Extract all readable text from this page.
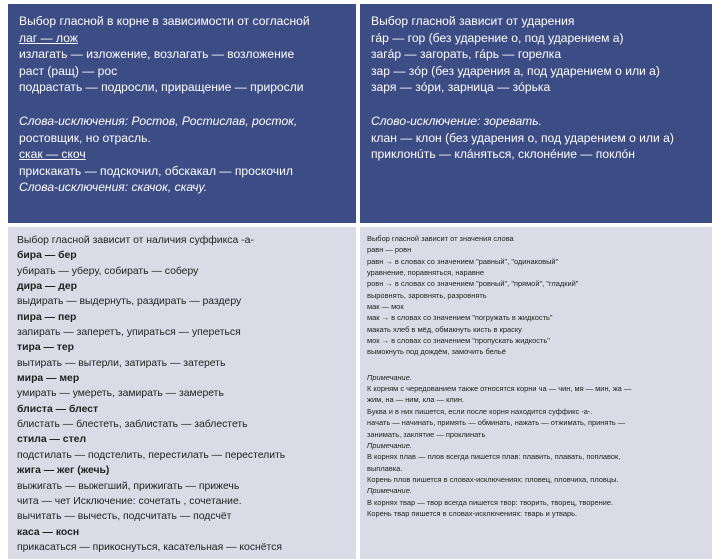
Выбор гласной в корне в зависимости от согласной

лаг — лож

излагать — изложение, возлагать — возложение

раст (ращ) — рос

подрастать — подросли, приращение — приросли

Слова-исключения: Ростов, Ростислав, росток,

ростовщик, но отрасль.

скак — скоч

прискакать — подскочил, обскакал — проскочил

Слова-исключения: скачок, скачу.

Выбор гласной зависит от ударения

гáр — гор (без ударение о, под ударением а)

загáр — загорать, гáрь — горелка

зар — зóр (без ударения а, под ударением о или а)

заря — зóри, зарница — зóрька

Слово-исключение: зоревать.

клан — клон (без ударения о, под ударением о или а)

приклонúть — клáняться, склонéние — поклóн

Выбор гласной зависит от наличия суффикса -а-

бира — бер

убирать — уберу, собирать — соберу

дира — дер

выдирать — выдернуть, раздирать — раздеру

пира — пер

запирать — заперетъ, упираться — упереться

тира — тер

вытирать — вытерли, затирать — затереть

мира — мер

умирать — умереть, замирать — замереть

блиста — блест

блистать — блестеть, заблистать — заблестеть

стила — стел

подстилать — подстелить, перестилать — перестелить

жига — жег (жечь)

выжигать — выжегший, прижигать — прижечь

чита — чет Исключение: сочетать , сочетание.

вычитать — вычесть, подсчитать — подсчёт

каса — косн

прикасаться — прикоснуться, касательная — коснётся

Выбор гласной зависит от значения слова

равн — ровн

равн → в словах со значением "равный", "одинаковый"

уравнение, поравняться, наравне

ровн → в словах со значением "ровный", "прямой", "гладкий"

выровнять, заровнять, разровнять

мак — мок

мак → в словах со значением "погружать в жидкость"

макать хлеб в мёд, обмакнуть кисть в краску

мок → в словах со значением "пропускать жидкость"

вымокнуть под дождём, замочить бельё

Примечание.

К корням с чередованием также относятся корни ча — чин, мя — мин, жа —

жим, на — ним, кла — клин.

Буква и в них пишется, если после корня находится суффикс -а-.

начать — начинать, примять — обминать, нажать — отжимать, принять —

занимать, заклятие — проклинать

Примечание.

В корнях плав — плов всегда пишется плав: плавить, плавать, поплавок,

выплавка.

Корень плов пишется в словах-исключениях: пловец, пловчиха, пловцы.

Примечание.

В корнях твар — твор всегда пишется твор: творить, творец, творение.

Корень твар пишется в словах-исключениях: тварь и утварь.
